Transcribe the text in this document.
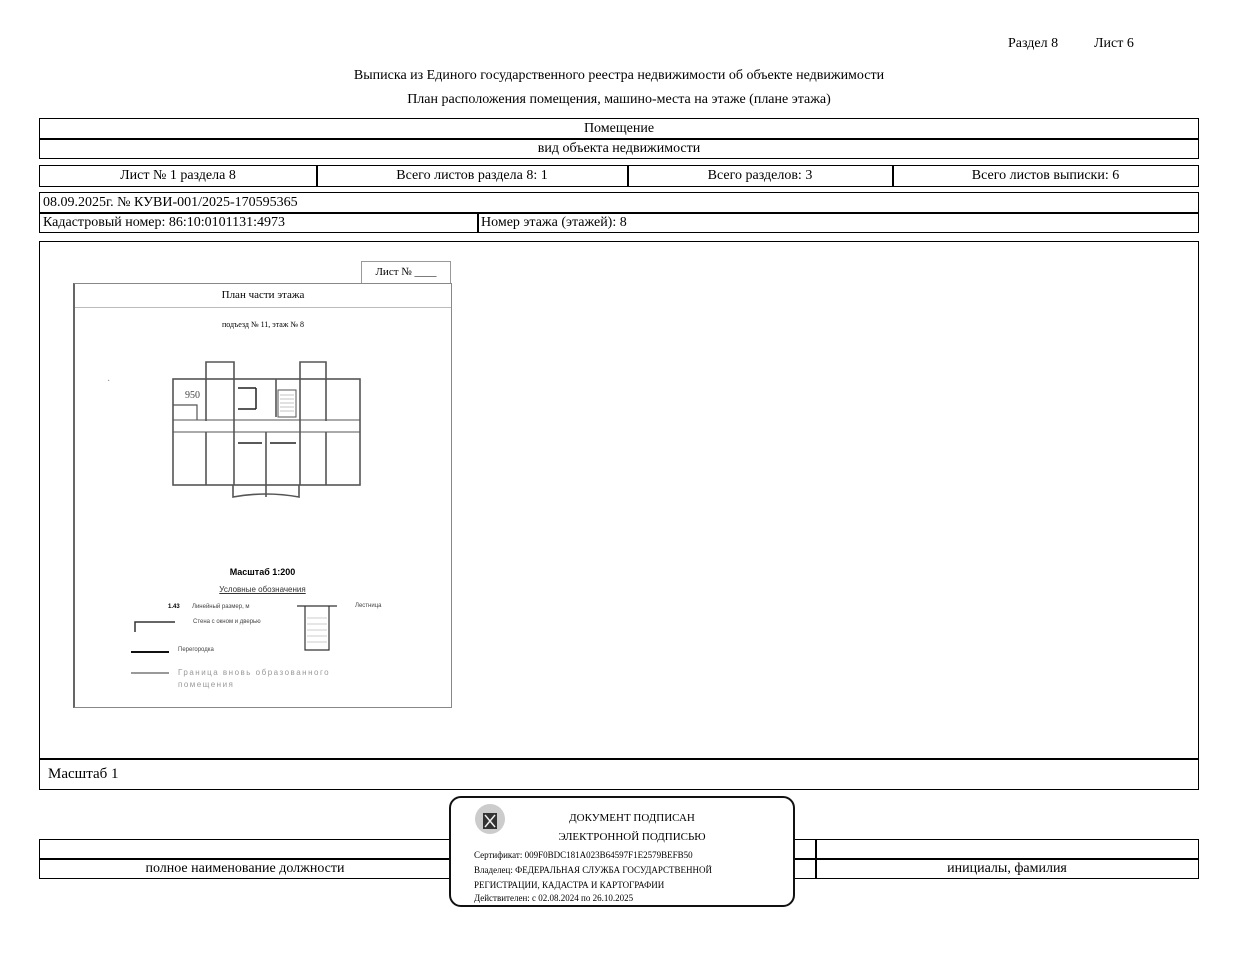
Раздел 8	Лист 6
Выписка из Единого государственного реестра недвижимости об объекте недвижимости
План расположения помещения, машино-места на этаже (плане этажа)
Помещение
вид объекта недвижимости
Лист № 1 раздела 8	Всего листов раздела 8: 1	Всего разделов: 3	Всего листов выписки: 6
08.09.2025г. № КУВИ-001/2025-170595365
Кадастровый номер: 86:10:0101131:4973	Номер этажа (этажей): 8
Масштаб 1
Лист № ____
План части этажа
подъезд № 11, этаж № 8
·
950
Масштаб 1:200
Условные обозначения
1.43 Линейный размер, м
Стена с окном и дверью
Лестница
Перегородка
Граница вновь образованного помещения
полное наименование должности	инициалы, фамилия
ДОКУМЕНТ ПОДПИСАН
ЭЛЕКТРОННОЙ ПОДПИСЬЮ
Сертификат: 009F0BDC181A023B64597F1E2579BEFB50
Владелец: ФЕДЕРАЛЬНАЯ СЛУЖБА ГОСУДАРСТВЕННОЙ
РЕГИСТРАЦИИ, КАДАСТРА И КАРТОГРАФИИ
Действителен: с 02.08.2024 по 26.10.2025
